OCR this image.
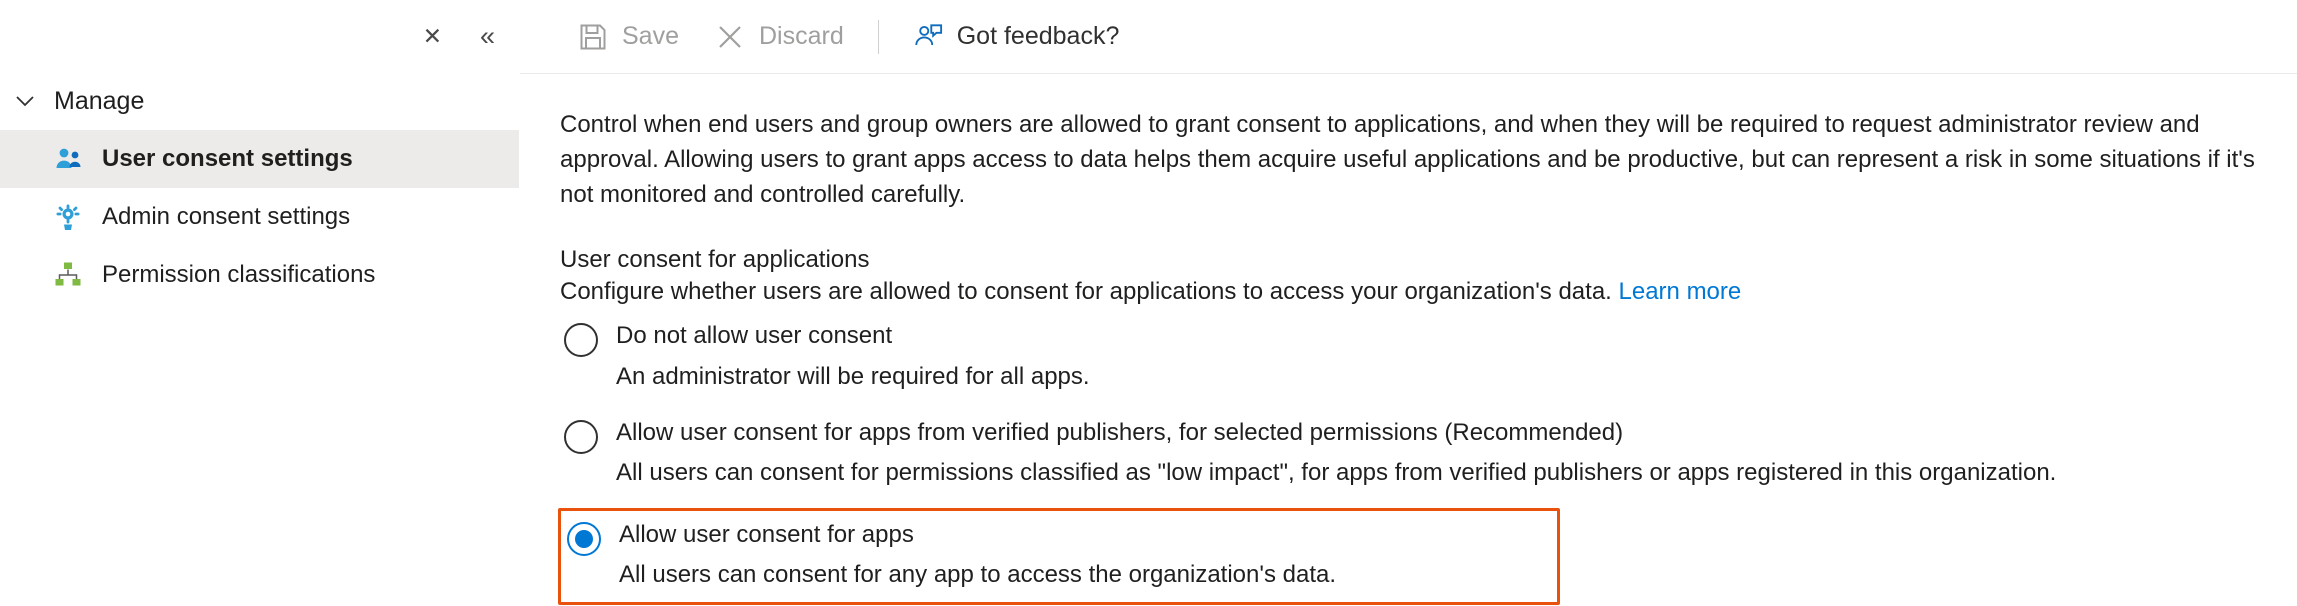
✕ «
Manage
User consent settings
Admin consent settings
Permission classifications
Save	Discard	Got feedback?

Control when end users and group owners are allowed to grant consent to applications, and when they will be required to request administrator review and approval. Allowing users to grant apps access to data helps them acquire useful applications and be productive, but can represent a risk in some situations if it's not monitored and controlled carefully.

User consent for applications
Configure whether users are allowed to consent for applications to access your organization's data. Learn more
Do not allow user consent
An administrator will be required for all apps.
Allow user consent for apps from verified publishers, for selected permissions (Recommended)
All users can consent for permissions classified as "low impact", for apps from verified publishers or apps registered in this organization.
Allow user consent for apps
All users can consent for any app to access the organization's data.
